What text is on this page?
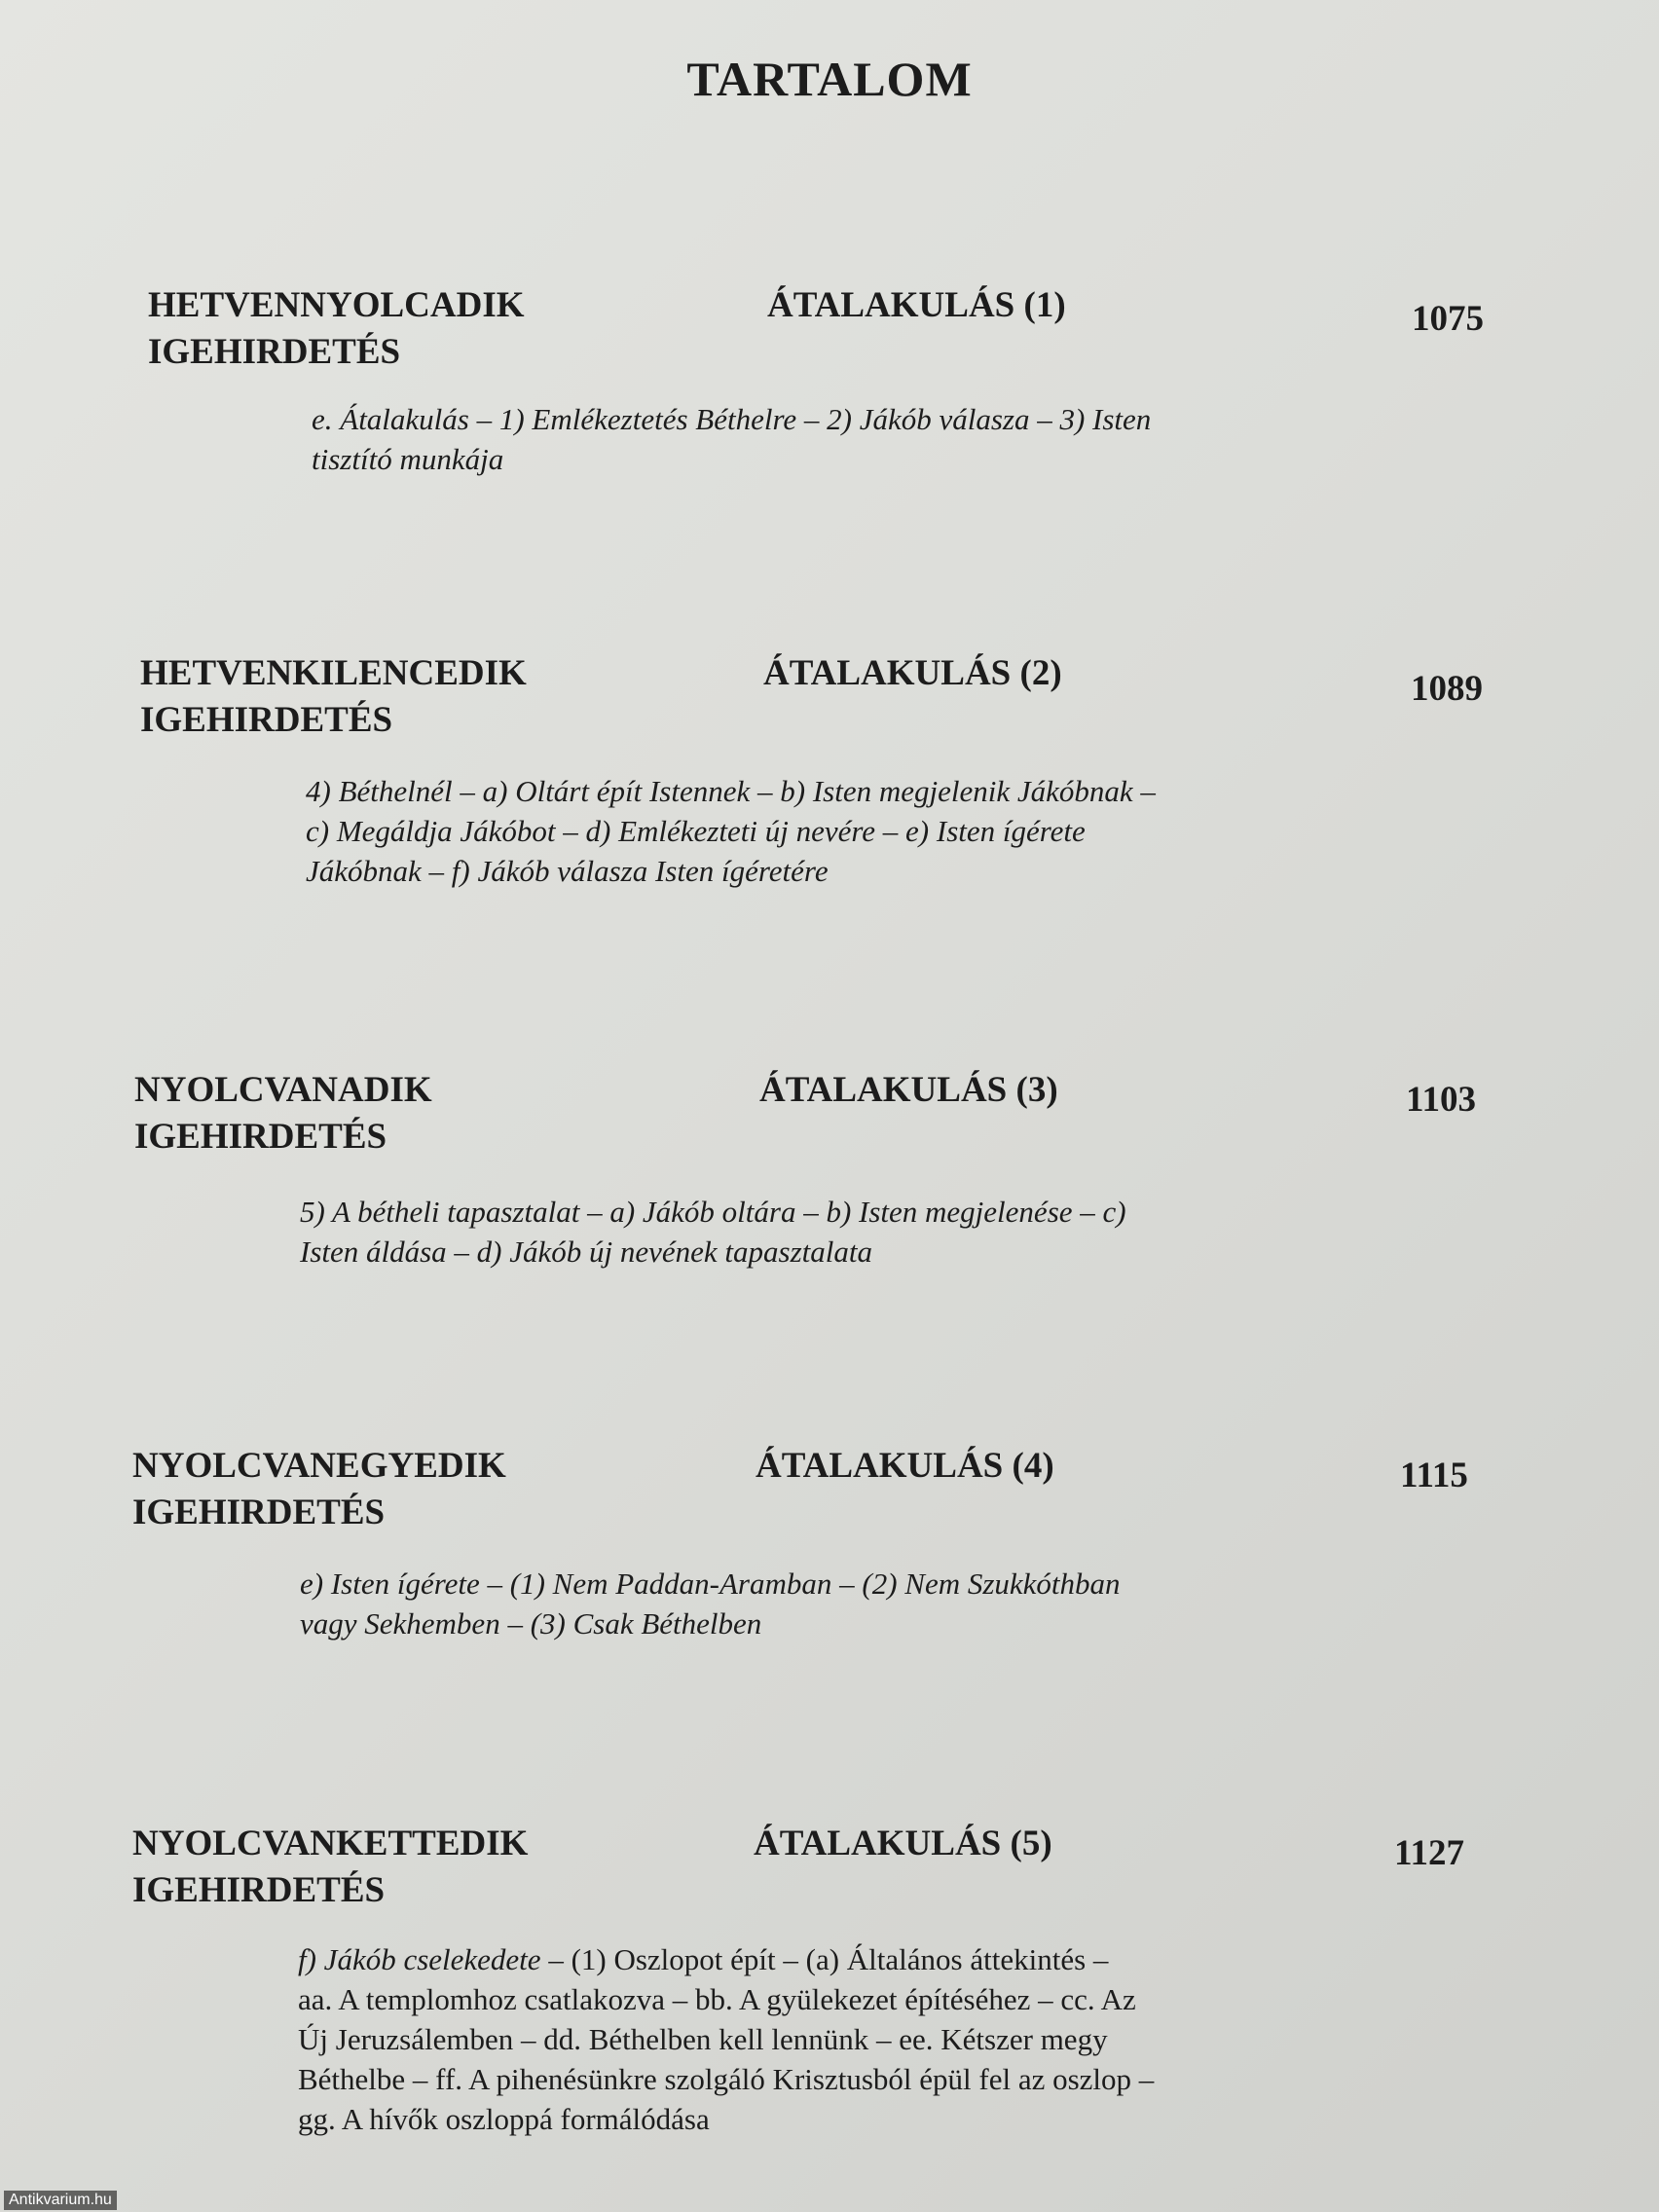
TARTALOM
HETVENNYOLCADIK
IGEHIRDETÉS
ÁTALAKULÁS (1)	1075
e. Átalakulás – 1) Emlékeztetés Béthelre – 2) Jákób válasza – 3) Isten
tisztító munkája
HETVENKILENCEDIK
IGEHIRDETÉS
ÁTALAKULÁS (2)	1089
4) Béthelnél – a) Oltárt épít Istennek – b) Isten megjelenik Jákóbnak –
c) Megáldja Jákóbot – d) Emlékezteti új nevére – e) Isten ígérete
Jákóbnak – f) Jákób válasza Isten ígéretére
NYOLCVANADIK
IGEHIRDETÉS
ÁTALAKULÁS (3)	1103
5) A bétheli tapasztalat – a) Jákób oltára – b) Isten megjelenése – c)
Isten áldása – d) Jákób új nevének tapasztalata
NYOLCVANEGYEDIK
IGEHIRDETÉS
ÁTALAKULÁS (4)	1115
e) Isten ígérete – (1) Nem Paddan-Aramban – (2) Nem Szukkóthban
vagy Sekhemben – (3) Csak Béthelben
NYOLCVANKETTEDIK
IGEHIRDETÉS
ÁTALAKULÁS (5)	1127
f) Jákób cselekedete – (1) Oszlopot épít – (a) Általános áttekintés –
aa. A templomhoz csatlakozva – bb. A gyülekezet építéséhez – cc. Az
Új Jeruzsálemben – dd. Béthelben kell lennünk – ee. Kétszer megy
Béthelbe – ff. A pihenésünkre szolgáló Krisztusból épül fel az oszlop –
gg. A hívők oszloppá formálódása
Antikvarium.hu
